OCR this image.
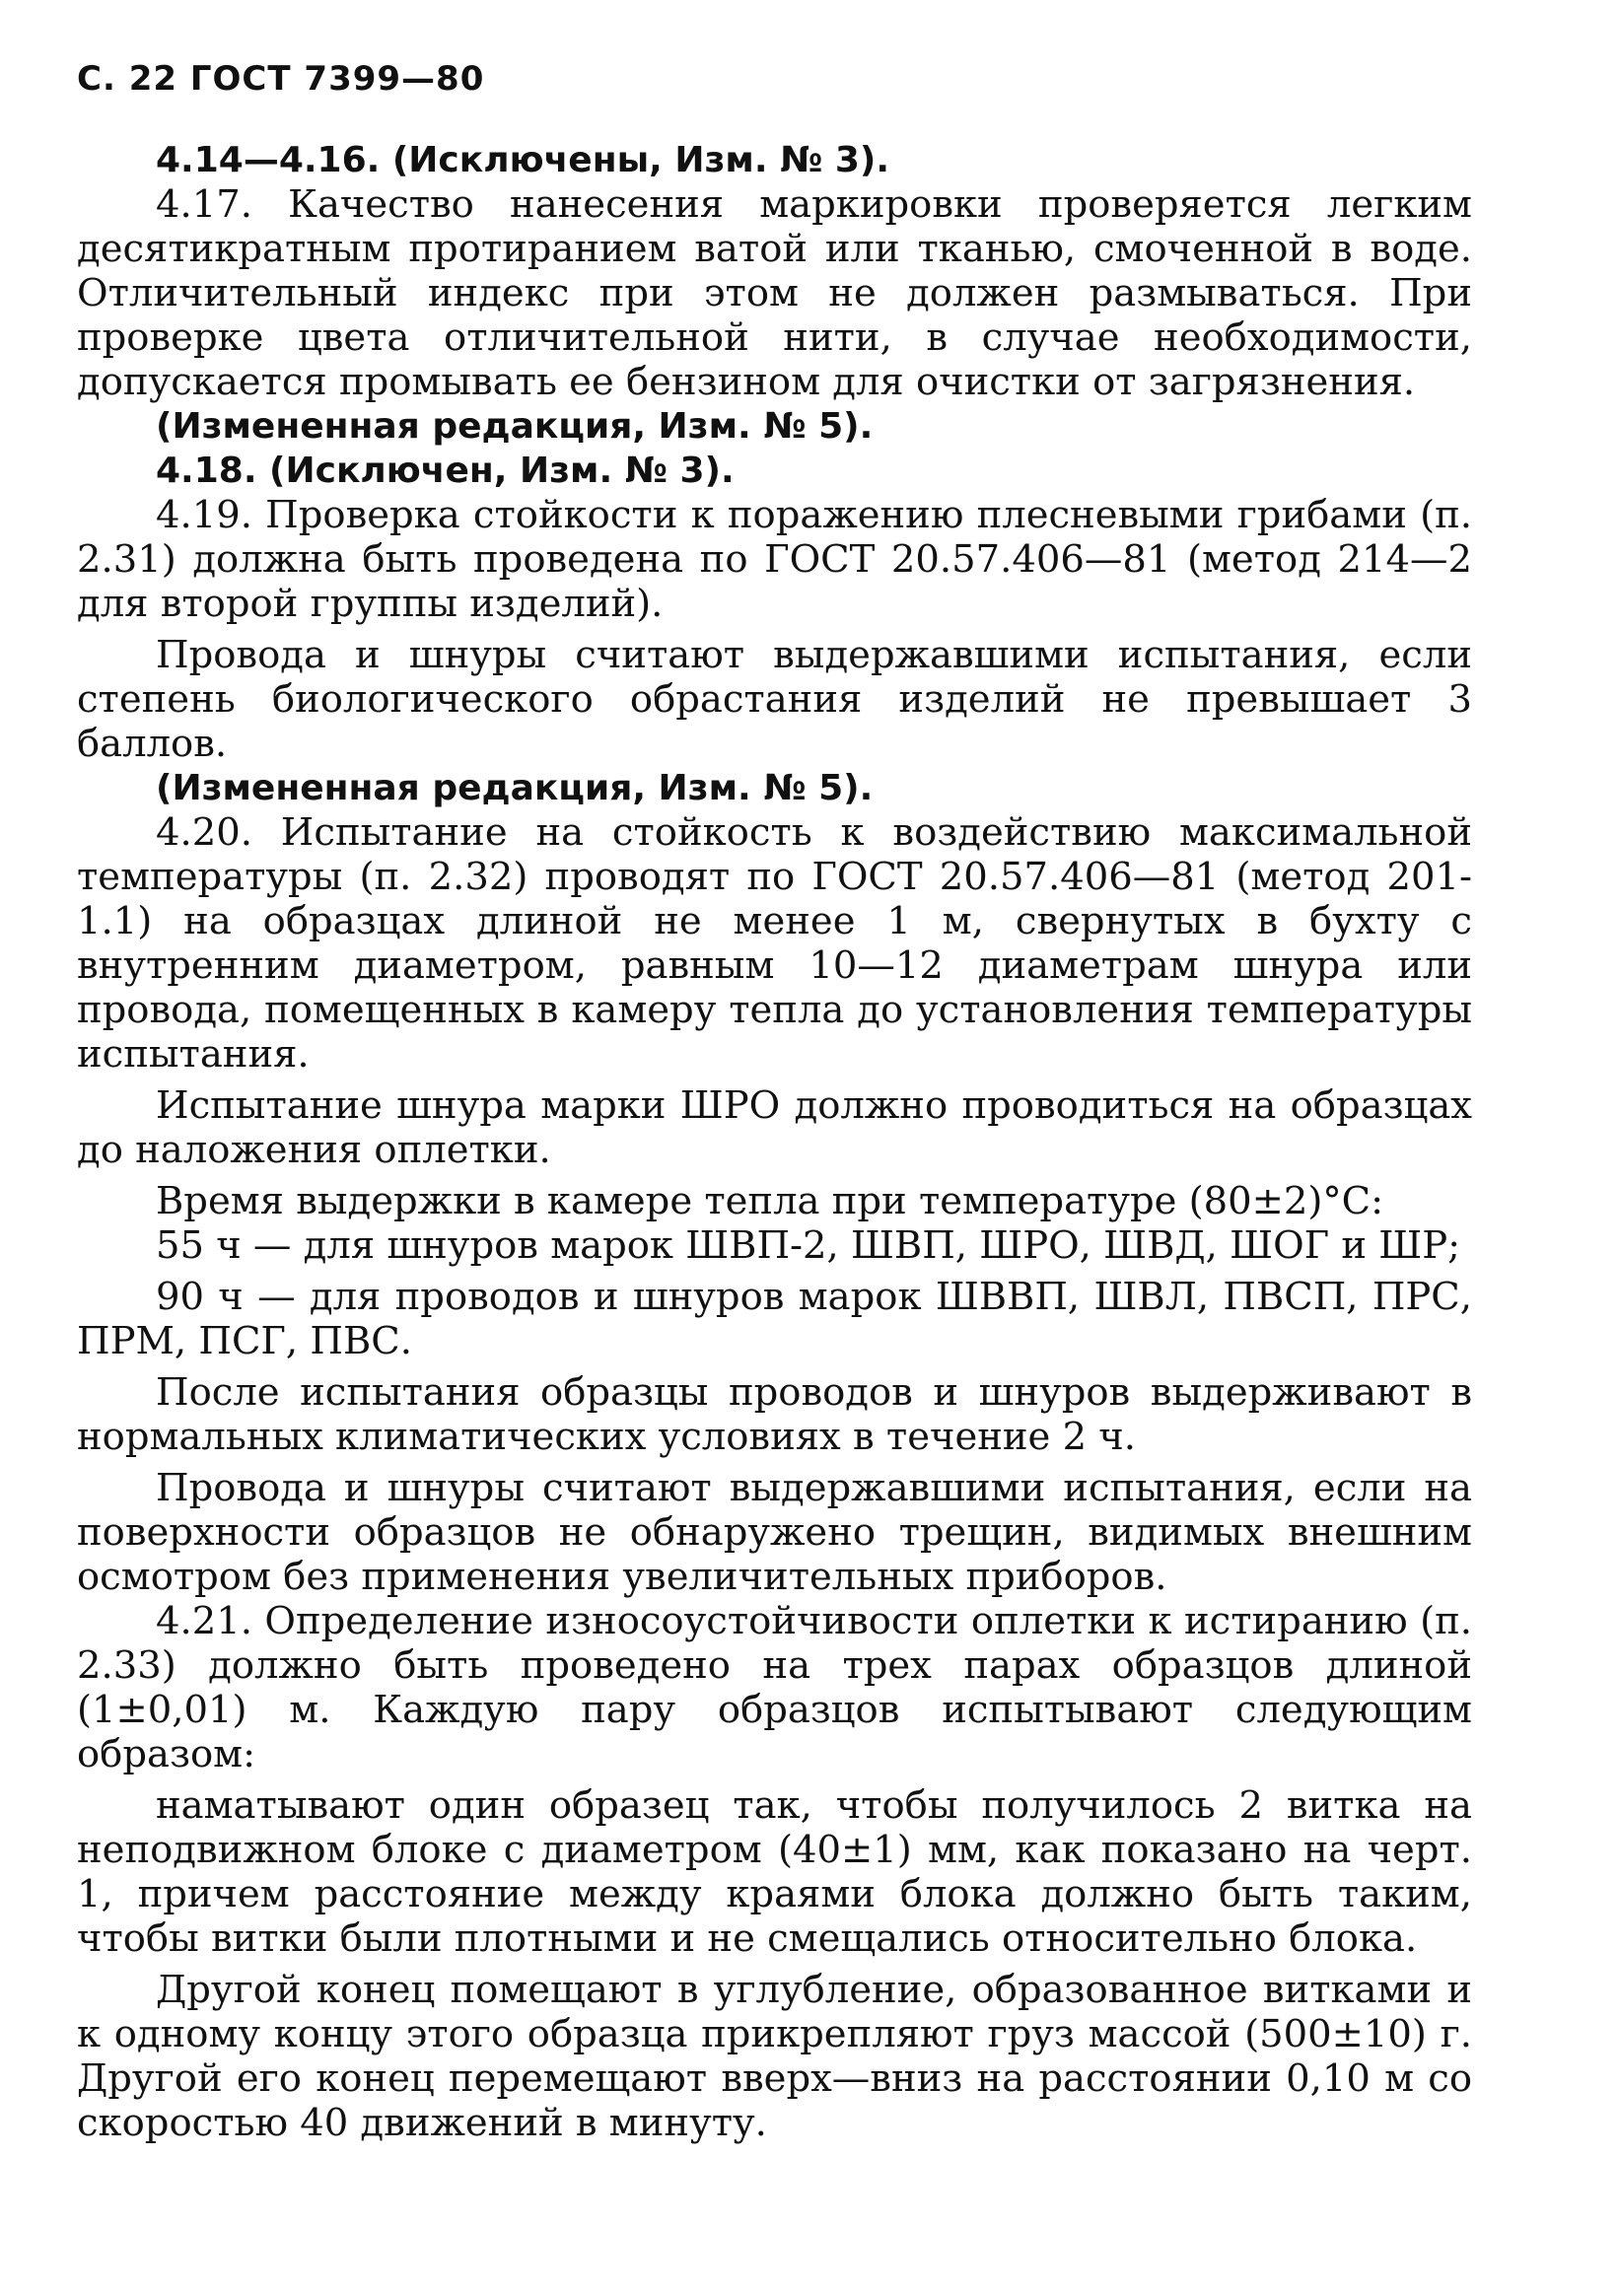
С. 22 ГОСТ 7399—80

4.14—4.16. (Исключены, Изм. № 3).

4.17. Качество нанесения маркировки проверяется легким десятикратным протиранием ватой или тканью, смоченной в воде. Отличительный индекс при этом не должен размываться. При проверке цвета отличительной нити, в случае необходимости, допускается промывать ее бензином для очистки от загрязнения.

(Измененная редакция, Изм. № 5).

4.18. (Исключен, Изм. № 3).

4.19. Проверка стойкости к поражению плесневыми грибами (п. 2.31) должна быть проведена по ГОСТ 20.57.406—81 (метод 214—2 для второй группы изделий).

Провода и шнуры считают выдержавшими испытания, если степень биологического обрастания изделий не превышает 3 баллов.

(Измененная редакция, Изм. № 5).

4.20. Испытание на стойкость к воздействию максимальной температуры (п. 2.32) проводят по ГОСТ 20.57.406—81 (метод 201-1.1) на образцах длиной не менее 1 м, свернутых в бухту с внутренним диаметром, равным 10—12 диаметрам шнура или провода, помещенных в камеру тепла до установления температуры испытания.

Испытание шнура марки ШРО должно проводиться на образцах до наложения оплетки.

Время выдержки в камере тепла при температуре (80±2)°С:

55 ч — для шнуров марок ШВП-2, ШВП, ШРО, ШВД, ШОГ и ШР;

90 ч — для проводов и шнуров марок ШВВП, ШВЛ, ПВСП, ПРС, ПРМ, ПСГ, ПВС.

После испытания образцы проводов и шнуров выдерживают в нормальных климатических условиях в течение 2 ч.

Провода и шнуры считают выдержавшими испытания, если на поверхности образцов не обнаружено трещин, видимых внешним осмотром без применения увеличительных приборов.

4.21. Определение износоустойчивости оплетки к истиранию (п. 2.33) должно быть проведено на трех парах образцов длиной (1±0,01) м. Каждую пару образцов испытывают следующим образом:

наматывают один образец так, чтобы получилось 2 витка на неподвижном блоке с диаметром (40±1) мм, как показано на черт. 1, причем расстояние между краями блока должно быть таким, чтобы витки были плотными и не смещались относительно блока.

Другой конец помещают в углубление, образованное витками и к одному концу этого образца прикрепляют груз массой (500±10) г. Другой его конец перемещают вверх—вниз на расстоянии 0,10 м со скоростью 40 движений в минуту.
